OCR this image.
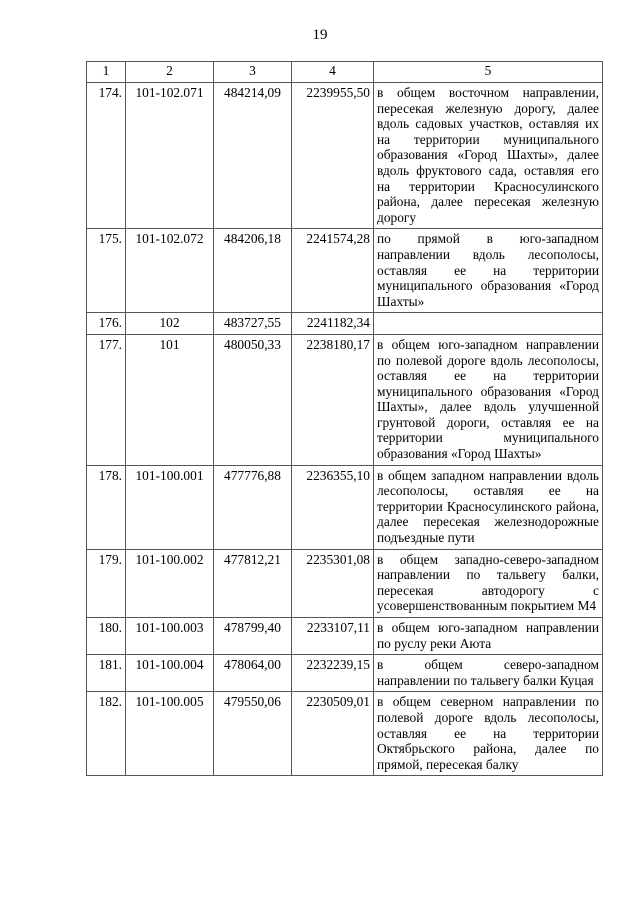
19
1	2	3	4	5
174.	101-102.071	484214,09	2239955,50	в общем восточном направлении, пересекая железную дорогу, далее вдоль садовых участков, оставляя их на территории муниципального образования «Город Шахты», далее вдоль фруктового сада, оставляя его на территории Красносулинского района, далее пересекая железную дорогу
175.	101-102.072	484206,18	2241574,28	по прямой в юго-западном направлении вдоль лесополосы, оставляя ее на территории муниципального образования «Город Шахты»
176.	102	483727,55	2241182,34	
177.	101	480050,33	2238180,17	в общем юго-западном направлении по полевой дороге вдоль лесополосы, оставляя ее на территории муниципального образования «Город Шахты», далее вдоль улучшенной грунтовой дороги, оставляя ее на территории муниципального образования «Город Шахты»
178.	101-100.001	477776,88	2236355,10	в общем западном направлении вдоль лесополосы, оставляя ее на территории Красносулинского района, далее пересекая железнодорожные подъездные пути
179.	101-100.002	477812,21	2235301,08	в общем западно-северо-западном направлении по тальвегу балки, пересекая автодорогу с усовершенствованным покрытием М4
180.	101-100.003	478799,40	2233107,11	в общем юго-западном направлении по руслу реки Аюта
181.	101-100.004	478064,00	2232239,15	в общем северо-западном направлении по тальвегу балки Куцая
182.	101-100.005	479550,06	2230509,01	в общем северном направлении по полевой дороге вдоль лесополосы, оставляя ее на территории Октябрьского района, далее по прямой, пересекая балку
